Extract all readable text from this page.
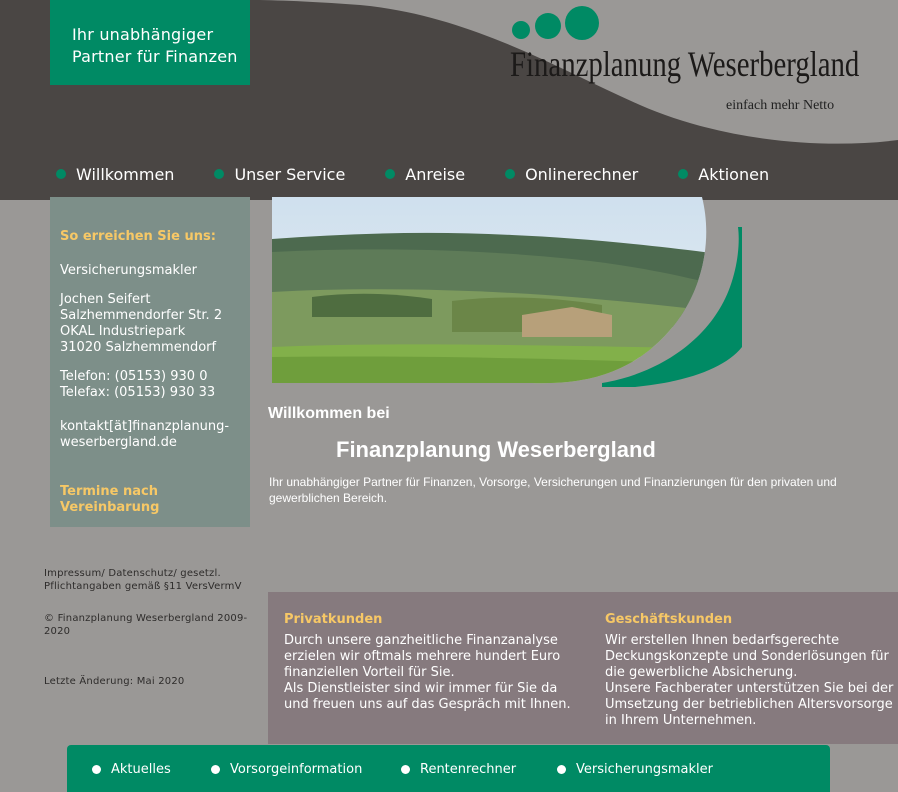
Ihr unabhängiger Partner für Finanzen	Finanzplanung Weserbergland
einfach mehr Netto
Willkommen	Unser Service	Anreise	Onlinerechner	Aktionen
So erreichen Sie uns:
Versicherungsmakler
Jochen Seifert
Salzhemmendorfer Str. 2
OKAL Industriepark
31020 Salzhemmendorf
Telefon: (05153) 930 0
Telefax: (05153) 930 33
kontakt[ät]finanzplanung-
weserbergland.de
Termine nach
Vereinbarung
Impressum/ Datenschutz/ gesetzl. Pflichtangaben gemäß §11 VersVermV
© Finanzplanung Weserbergland 2009-2020
Letzte Änderung: Mai 2020
Willkommen bei
Finanzplanung Weserbergland
Ihr unabhängiger Partner für Finanzen, Vorsorge, Versicherungen und Finanzierungen für den privaten und gewerblichen Bereich.
Privatkunden
Durch unsere ganzheitliche Finanzanalyse erzielen wir oftmals mehrere hundert Euro finanziellen Vorteil für Sie.
Als Dienstleister sind wir immer für Sie da und freuen uns auf das Gespräch mit Ihnen.
Geschäftskunden
Wir erstellen Ihnen bedarfsgerechte Deckungskonzepte und Sonderlösungen für die gewerbliche Absicherung.
Unsere Fachberater unterstützen Sie bei der Umsetzung der betrieblichen Altersvorsorge in Ihrem Unternehmen.
Aktuelles	Vorsorgeinformation	Rentenrechner	Versicherungsmakler
